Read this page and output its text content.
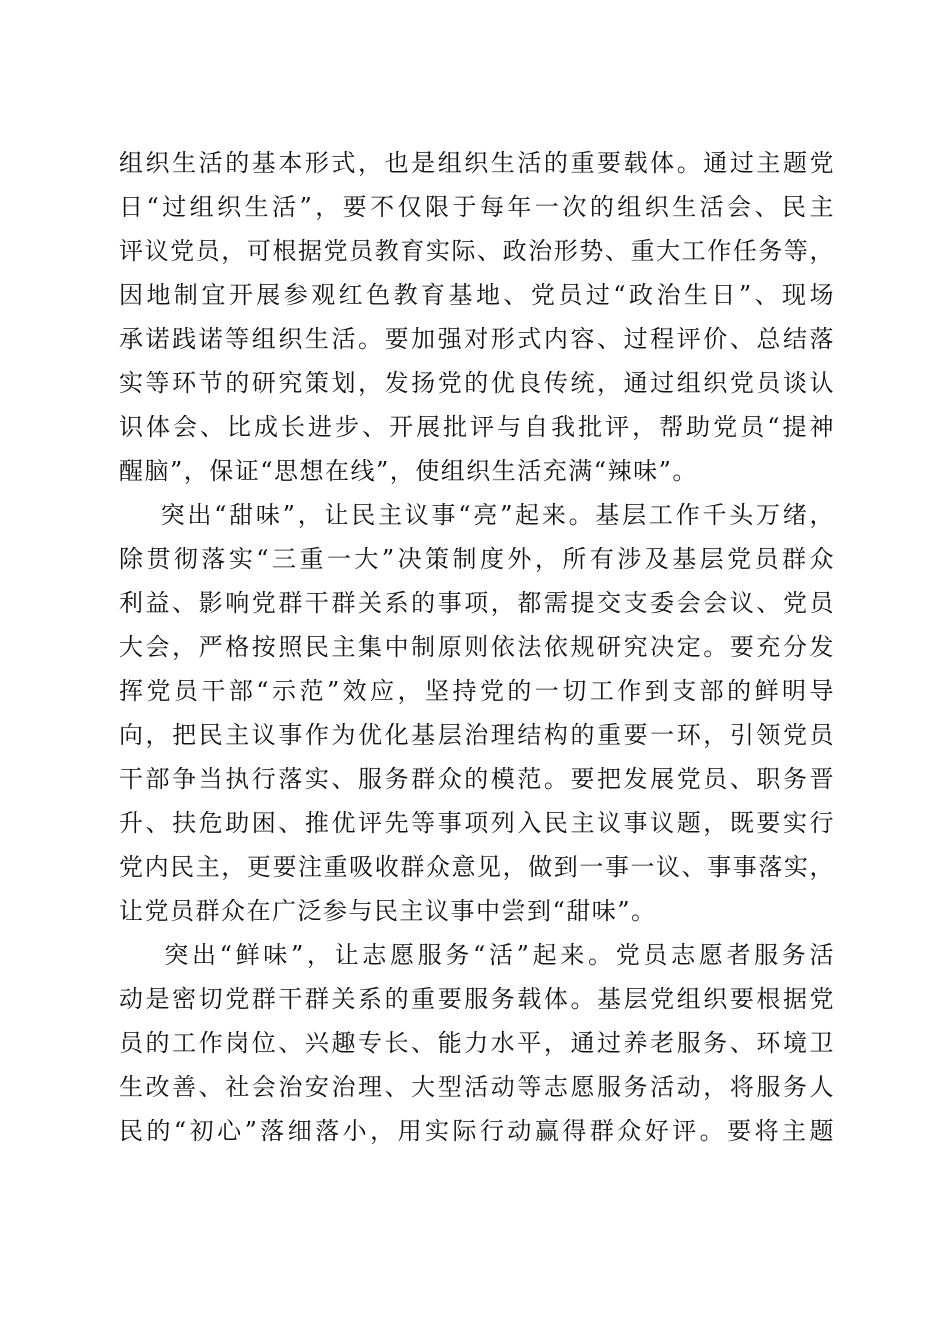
组织生活的基本形式，也是组织生活的重要载体。通过主题党
日“过组织生活”，要不仅限于每年一次的组织生活会、民主
评议党员，可根据党员教育实际、政治形势、重大工作任务等，
因地制宜开展参观红色教育基地、党员过“政治生日”、现场
承诺践诺等组织生活。要加强对形式内容、过程评价、总结落
实等环节的研究策划，发扬党的优良传统，通过组织党员谈认
识体会、比成长进步、开展批评与自我批评，帮助党员“提神
醒脑”，保证“思想在线”，使组织生活充满“辣味”。
突出“甜味”，让民主议事“亮”起来。基层工作千头万绪，
除贯彻落实“三重一大”决策制度外，所有涉及基层党员群众
利益、影响党群干群关系的事项，都需提交支委会会议、党员
大会，严格按照民主集中制原则依法依规研究决定。要充分发
挥党员干部“示范”效应，坚持党的一切工作到支部的鲜明导
向，把民主议事作为优化基层治理结构的重要一环，引领党员
干部争当执行落实、服务群众的模范。要把发展党员、职务晋
升、扶危助困、推优评先等事项列入民主议事议题，既要实行
党内民主，更要注重吸收群众意见，做到一事一议、事事落实，
让党员群众在广泛参与民主议事中尝到“甜味”。
突出“鲜味”，让志愿服务“活”起来。党员志愿者服务活
动是密切党群干群关系的重要服务载体。基层党组织要根据党
员的工作岗位、兴趣专长、能力水平，通过养老服务、环境卫
生改善、社会治安治理、大型活动等志愿服务活动，将服务人
民的“初心”落细落小，用实际行动赢得群众好评。要将主题
